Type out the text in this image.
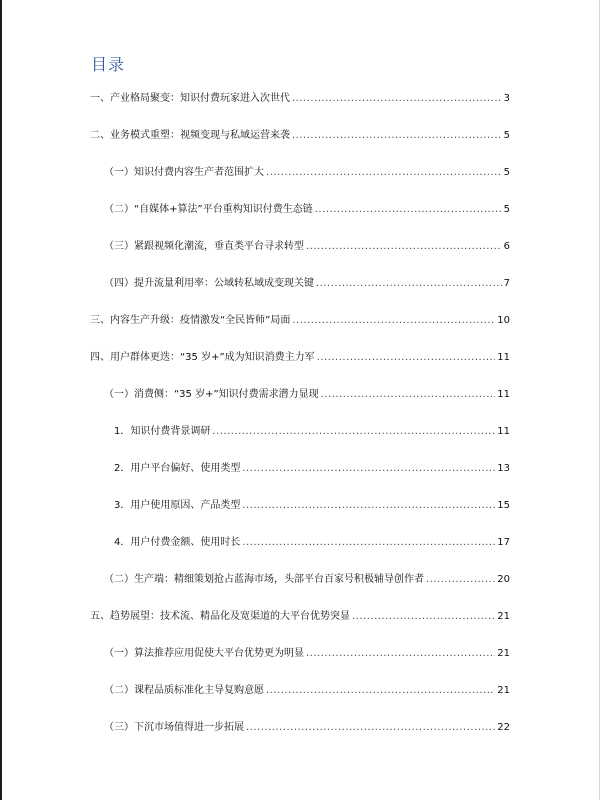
目录
一、产业格局聚变：知识付费玩家进入次世代 .....	3
二、业务模式重塑：视频变现与私域运营来袭 .....	5
（一）知识付费内容生产者范围扩大 .....	5
（二）“自媒体+算法”平台重构知识付费生态链 .....	5
（三）紧跟视频化潮流，垂直类平台寻求转型 .....	6
（四）提升流量利用率：公域转私域成变现关键 .....	7
三、内容生产升级：疫情激发“全民皆师”局面 .....	10
四、用户群体更迭：“35 岁+”成为知识消费主力军 .....	11
（一）消费侧：“35 岁+”知识付费需求潜力显现 .....	11
1．知识付费背景调研 .....	11
2．用户平台偏好、使用类型 .....	13
3．用户使用原因、产品类型 .....	15
4．用户付费金额、使用时长 .....	17
（二）生产端：精细策划抢占蓝海市场，头部平台百家号积极辅导创作者 .....	20
五、趋势展望：技术流、精品化及宽渠道的大平台优势突显 .....	21
（一）算法推荐应用促使大平台优势更为明显 .....	21
（二）课程品质标准化主导复购意愿 .....	21
（三）下沉市场值得进一步拓展 .....	22
